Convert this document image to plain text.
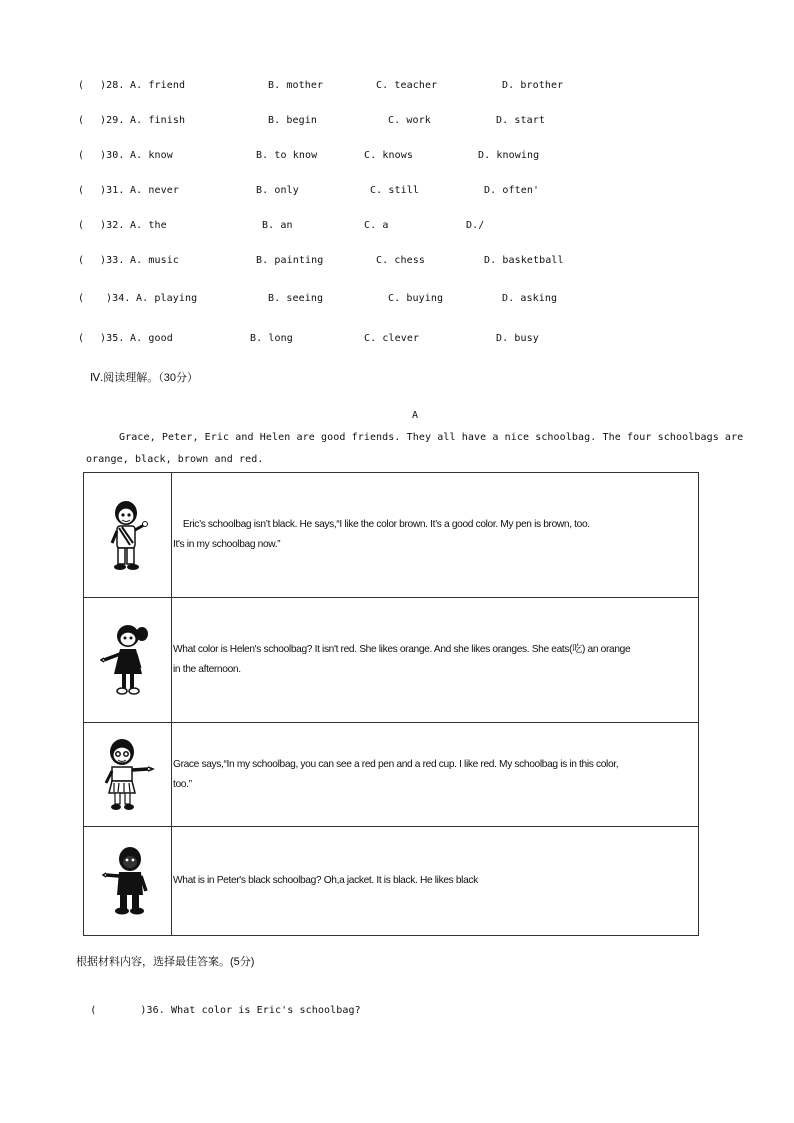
( )28. A. friend	B. mother	C. teacher	D. brother
( )29. A. finish	B. begin	C. work	D. start
( )30. A. know	B. to know	C. knows	D. knowing
( )31. A. never	B. only	C. still	D. often'
( )32. A. the	B. an	C. a	D./
( )33. A. music	B. painting	C. chess	D. basketball
( )34. A. playing	B. seeing	C. buying	D. asking
( )35. A. good	B. long	C. clever	D. busy
Ⅳ.阅读理解。（30分）
A
Grace, Peter, Eric and Helen are good friends. They all have a nice schoolbag. The four schoolbags are
orange, black, brown and red.

　Eric’s schoolbag isn’t black. He says,“I like the color brown. It’s a good color. My pen is brown, too.
It's in my schoolbag now.”

What color is Helen's schoolbag? It isn't red. She likes orange. And she likes oranges. She eats(吃) an orange
in the afternoon.

Grace says,“In my schoolbag, you can see a red pen and a red cup. I like red. My schoolbag is in this color,
too.”

What is in Peter's black schoolbag? Oh,a jacket. It is black. He likes black
根据材料内容，选择最佳答案。(5分)

(	)36. What color is Eric's schoolbag?
